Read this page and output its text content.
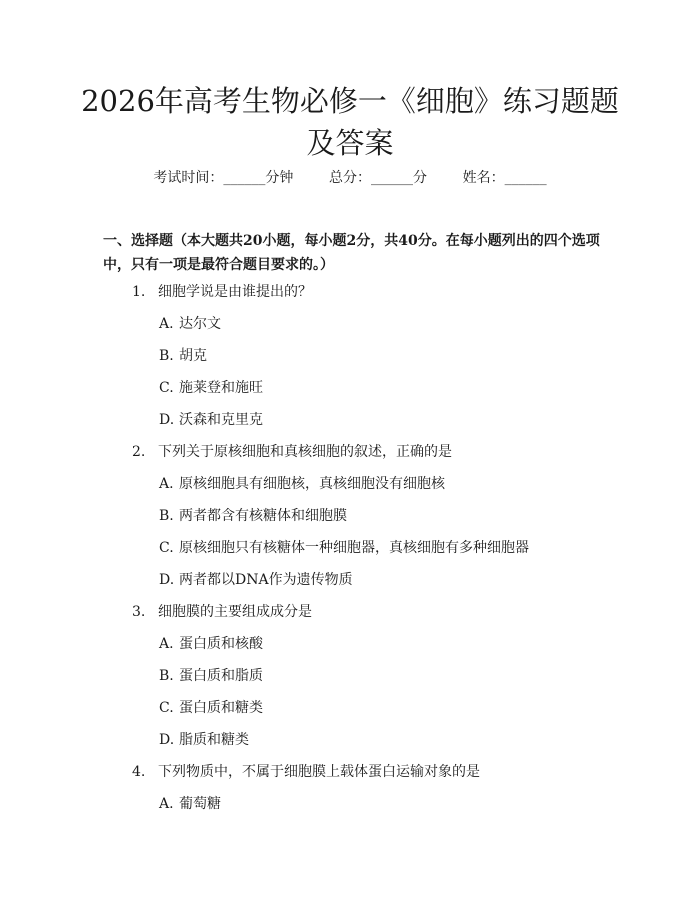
2026年高考生物必修一《细胞》练习题题及答案
考试时间：______分钟	总分：______分	姓名：______

一、选择题（本大题共20小题，每小题2分，共40分。在每小题列出的四个选项中，只有一项是最符合题目要求的。）

1. 细胞学说是由谁提出的？
A. 达尔文
B. 胡克
C. 施莱登和施旺
D. 沃森和克里克
2. 下列关于原核细胞和真核细胞的叙述，正确的是
A. 原核细胞具有细胞核，真核细胞没有细胞核
B. 两者都含有核糖体和细胞膜
C. 原核细胞只有核糖体一种细胞器，真核细胞有多种细胞器
D. 两者都以DNA作为遗传物质
3. 细胞膜的主要组成成分是
A. 蛋白质和核酸
B. 蛋白质和脂质
C. 蛋白质和糖类
D. 脂质和糖类
4. 下列物质中，不属于细胞膜上载体蛋白运输对象的是
A. 葡萄糖
